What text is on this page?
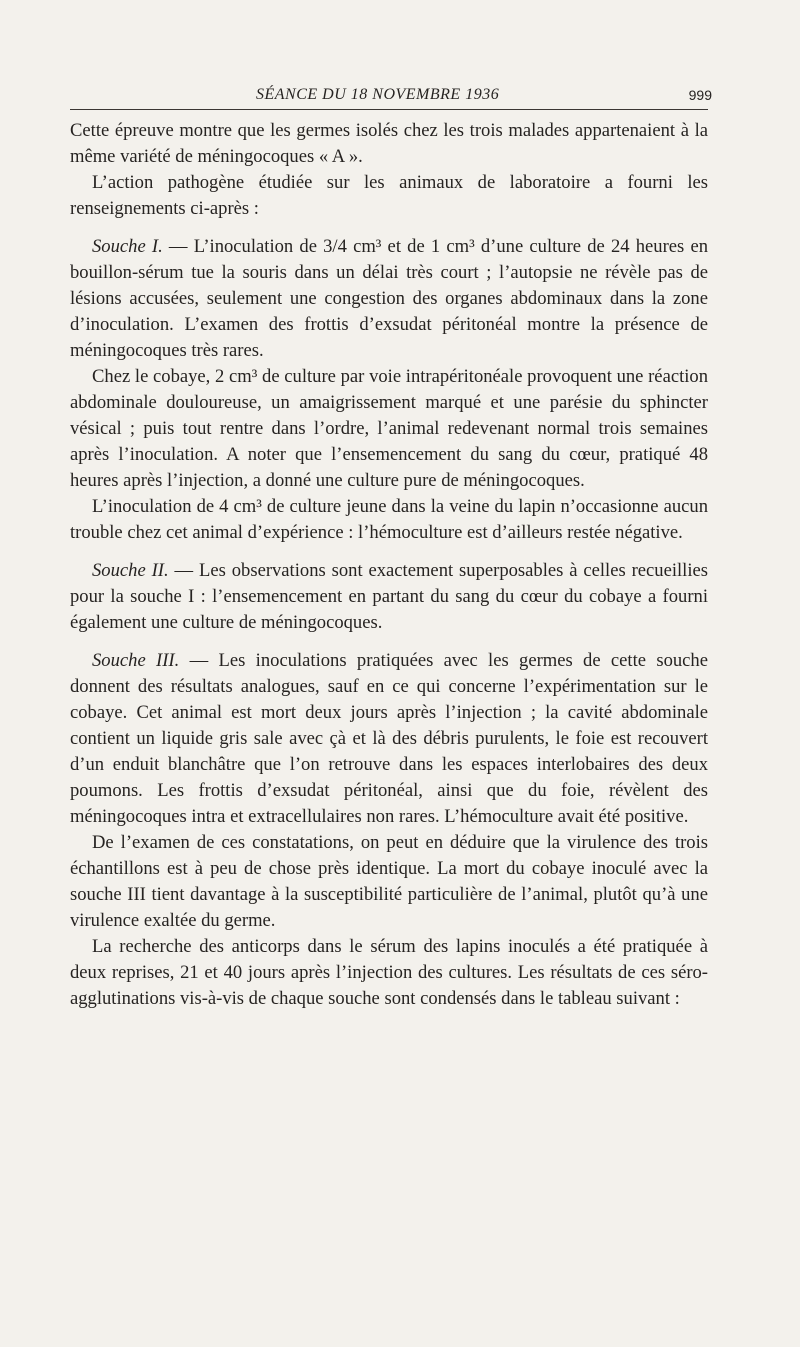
SÉANCE DU 18 NOVEMBRE 1936	999

Cette épreuve montre que les germes isolés chez les trois malades appartenaient à la même variété de méningocoques « A ».

L’action pathogène étudiée sur les animaux de laboratoire a fourni les renseignements ci-après :

Souche I. — L’inoculation de 3/4 cm³ et de 1 cm³ d’une culture de 24 heures en bouillon-sérum tue la souris dans un délai très court ; l’autopsie ne révèle pas de lésions accusées, seulement une congestion des organes abdominaux dans la zone d’inoculation. L’examen des frottis d’exsudat péritonéal montre la présence de méningocoques très rares.

Chez le cobaye, 2 cm³ de culture par voie intrapéritonéale provoquent une réaction abdominale douloureuse, un amaigrissement marqué et une parésie du sphincter vésical ; puis tout rentre dans l’ordre, l’animal redevenant normal trois semaines après l’inoculation. A noter que l’ensemencement du sang du cœur, pratiqué 48 heures après l’injection, a donné une culture pure de méningocoques.

L’inoculation de 4 cm³ de culture jeune dans la veine du lapin n’occasionne aucun trouble chez cet animal d’expérience : l’hémoculture est d’ailleurs restée négative.

Souche II. — Les observations sont exactement superposables à celles recueillies pour la souche I : l’ensemencement en partant du sang du cœur du cobaye a fourni également une culture de méningocoques.

Souche III. — Les inoculations pratiquées avec les germes de cette souche donnent des résultats analogues, sauf en ce qui concerne l’expérimentation sur le cobaye. Cet animal est mort deux jours après l’injection ; la cavité abdominale contient un liquide gris sale avec çà et là des débris purulents, le foie est recouvert d’un enduit blanchâtre que l’on retrouve dans les espaces interlobaires des deux poumons. Les frottis d’exsudat péritonéal, ainsi que du foie, révèlent des méningocoques intra et extracellulaires non rares. L’hémoculture avait été positive.

De l’examen de ces constatations, on peut en déduire que la virulence des trois échantillons est à peu de chose près identique. La mort du cobaye inoculé avec la souche III tient davantage à la susceptibilité particulière de l’animal, plutôt qu’à une virulence exaltée du germe.

La recherche des anticorps dans le sérum des lapins inoculés a été pratiquée à deux reprises, 21 et 40 jours après l’injection des cultures. Les résultats de ces séro-agglutinations vis-à-vis de chaque souche sont condensés dans le tableau suivant :
